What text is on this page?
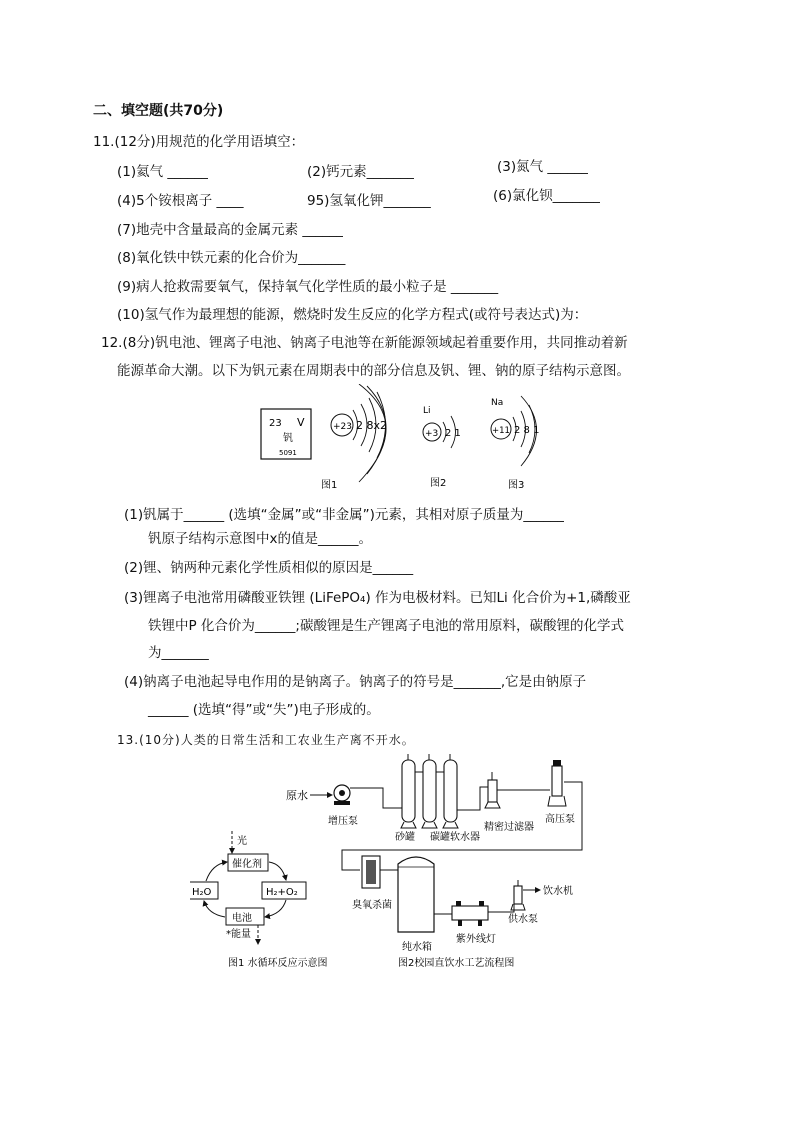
二、填空题(共70分)
11.(12分)用规范的化学用语填空：
(1)氦气 ______	(2)钙元素_______	(3)氮气 ______
(4)5个铵根离子 ____	95)氢氧化钾_______	(6)氯化钡_______
(7)地壳中含量最高的金属元素 ______
(8)氧化铁中铁元素的化合价为_______
(9)病人抢救需要氧气，保持氧气化学性质的最小粒子是 _______
(10)氢气作为最理想的能源，燃烧时发生反应的化学方程式(或符号表达式)为：
12.(8分)钒电池、锂离子电池、钠离子电池等在新能源领域起着重要作用，共同推动着新
能源革命大潮。以下为钒元素在周期表中的部分信息及钒、锂、钠的原子结构示意图。
23 V
钒
5091
+23 2 8x2
Li
+3 2 1
Na
+11 2 8 1
图1	图2	图3
(1)钒属于______ (选填“金属”或“非金属”)元素，其相对原子质量为______
钒原子结构示意图中x的值是______。
(2)锂、钠两种元素化学性质相似的原因是______
(3)锂离子电池常用磷酸亚铁锂 (LiFePO₄) 作为电极材料。已知Li 化合价为+1,磷酸亚
铁锂中P 化合价为______;碳酸锂是生产锂离子电池的常用原料，碳酸锂的化学式
为_______
(4)钠离子电池起导电作用的是钠离子。钠离子的符号是_______,它是由钠原子
______ (选填“得”或“失”)电子形成的。
13.(10分)人类的日常生活和工农业生产离不开水。
原水
增压泵
砂罐 碳罐软水器
精密过滤器
高压泵
臭氧杀菌
纯水箱
紫外线灯
供水泵
饮水机
图2校园直饮水工艺流程图
光
催化剂
H₂O	H₂+O₂
电池
*能量
图1 水循环反应示意图
